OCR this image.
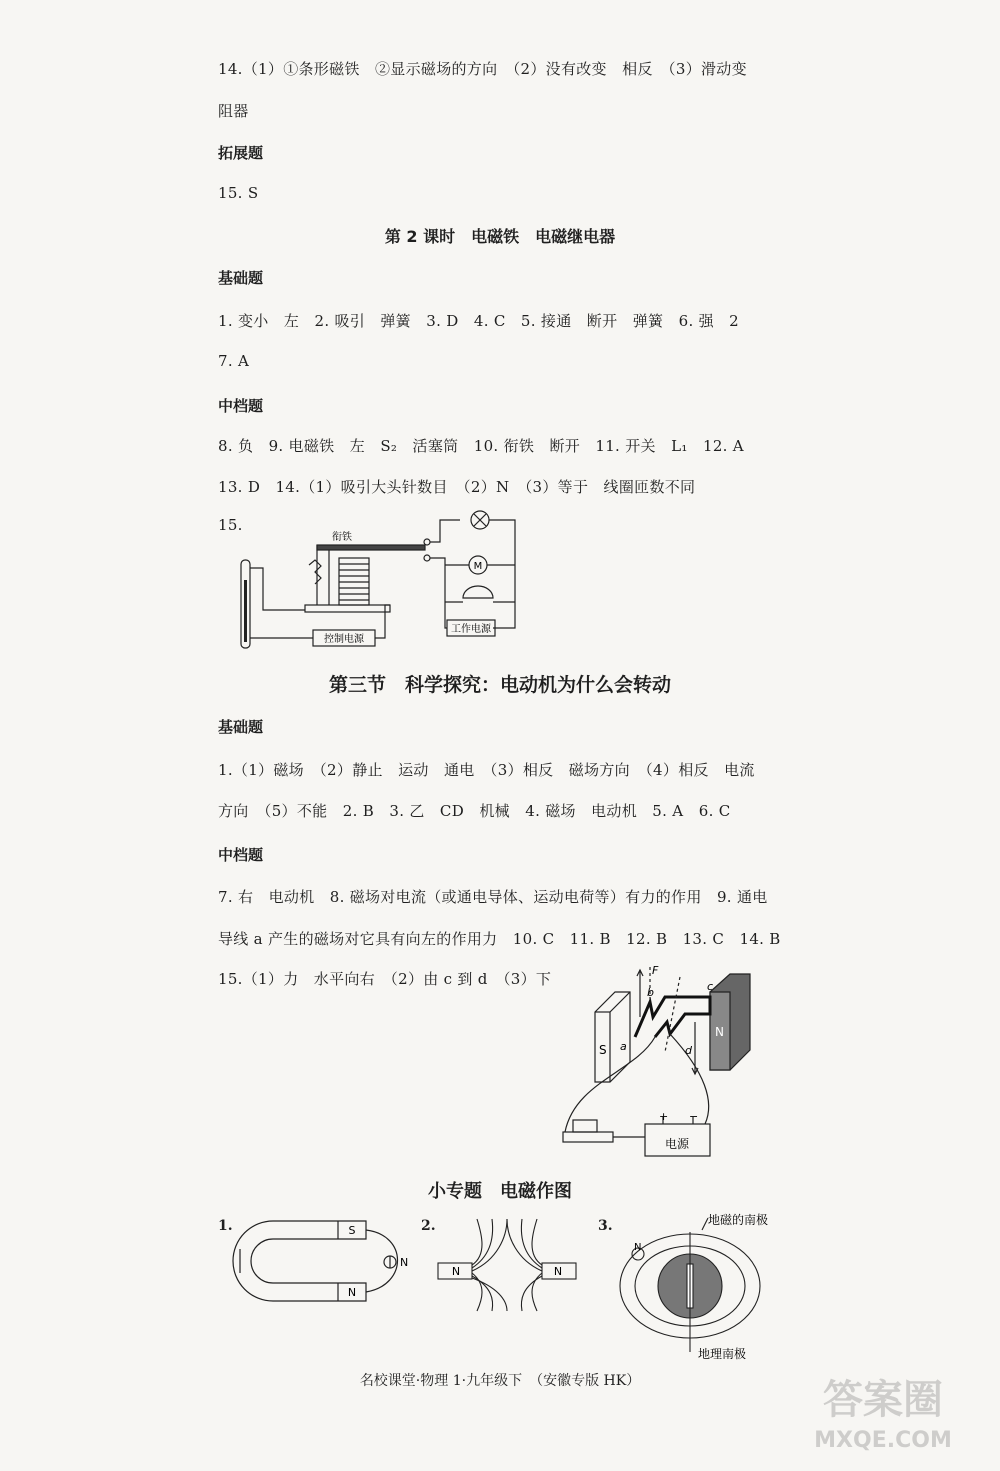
14.（1）①条形磁铁　②显示磁场的方向　（2）没有改变　相反　（3）滑动变
阻器
拓展题
15. S
第 2 课时　电磁铁　电磁继电器
基础题
1. 变小　左　2. 吸引　弹簧　3. D　4. C　5. 接通　断开　弹簧　6. 强　2
7. A
中档题
8. 负　9. 电磁铁　左　S₂　活塞筒　10. 衔铁　断开　11. 开关　L₁　12. A
13. D　14.（1）吸引大头针数目　（2）N　（3）等于　线圈匝数不同
15.
衔铁
控制电源
工作电源
M
第三节　科学探究：电动机为什么会转动
基础题
1.（1）磁场　（2）静止　运动　通电　（3）相反　磁场方向　（4）相反　电流
方向　（5）不能　2. B　3. 乙　CD　机械　4. 磁场　电动机　5. A　6. C
中档题
7. 右　电动机　8. 磁场对电流（或通电导体、运动电荷等）有力的作用　9. 通电
导线 a 产生的磁场对它具有向左的作用力　10. C　11. B　12. B　13. C　14. B
15.（1）力　水平向右　（2）由 c 到 d　（3）下	F
b	c
a	d
S
N
电源
+ −
小专题　电磁作图
1.	S
N
N
2.
N	N
3.
N
地磁的南极
地理南极
名校课堂·物理 1·九年级下　（安徽专版 HK）	答案圈
MXQE.COM
